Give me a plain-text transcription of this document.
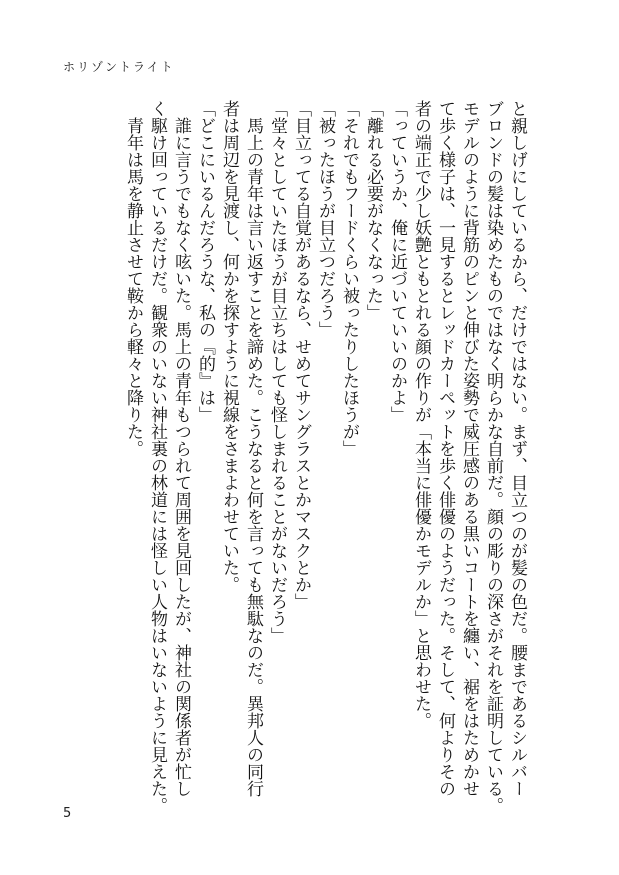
ホリゾントライト

と親しげにしているから、だけではない。まず、目立つのが髪の色だ。腰まであるシルバー

ブロンドの髪は染めたものではなく明らかな自前だ。顔の彫りの深さがそれを証明している。

モデルのように背筋のピンと伸びた姿勢で威圧感のある黒いコートを纏い、裾をはためかせ

て歩く様子は、一見するとレッドカーペットを歩く俳優のようだった。そして、何よりその

者の端正で少し妖艶ともとれる顔の作りが「本当に俳優かモデルか」と思わせた。

「っていうか、俺に近づいていいのかよ」

「離れる必要がなくなった」

「それでもフードくらい被ったりしたほうが」

「被ったほうが目立つだろう」

「目立ってる自覚があるなら、せめてサングラスとかマスクとか」

「堂々としていたほうが目立ちはしても怪しまれることがないだろう」

　馬上の青年は言い返すことを諦めた。こうなると何を言っても無駄なのだ。異邦人の同行

者は周辺を見渡し、何かを探すように視線をさまよわせていた。

「どこにいるんだろうな、私の『的』は」

　誰に言うでもなく呟いた。馬上の青年もつられて周囲を見回したが、神社の関係者が忙し

く駆け回っているだけだ。観衆のいない神社裏の林道には怪しい人物はいないように見えた。

　青年は馬を静止させて鞍から軽々と降りた。

5
